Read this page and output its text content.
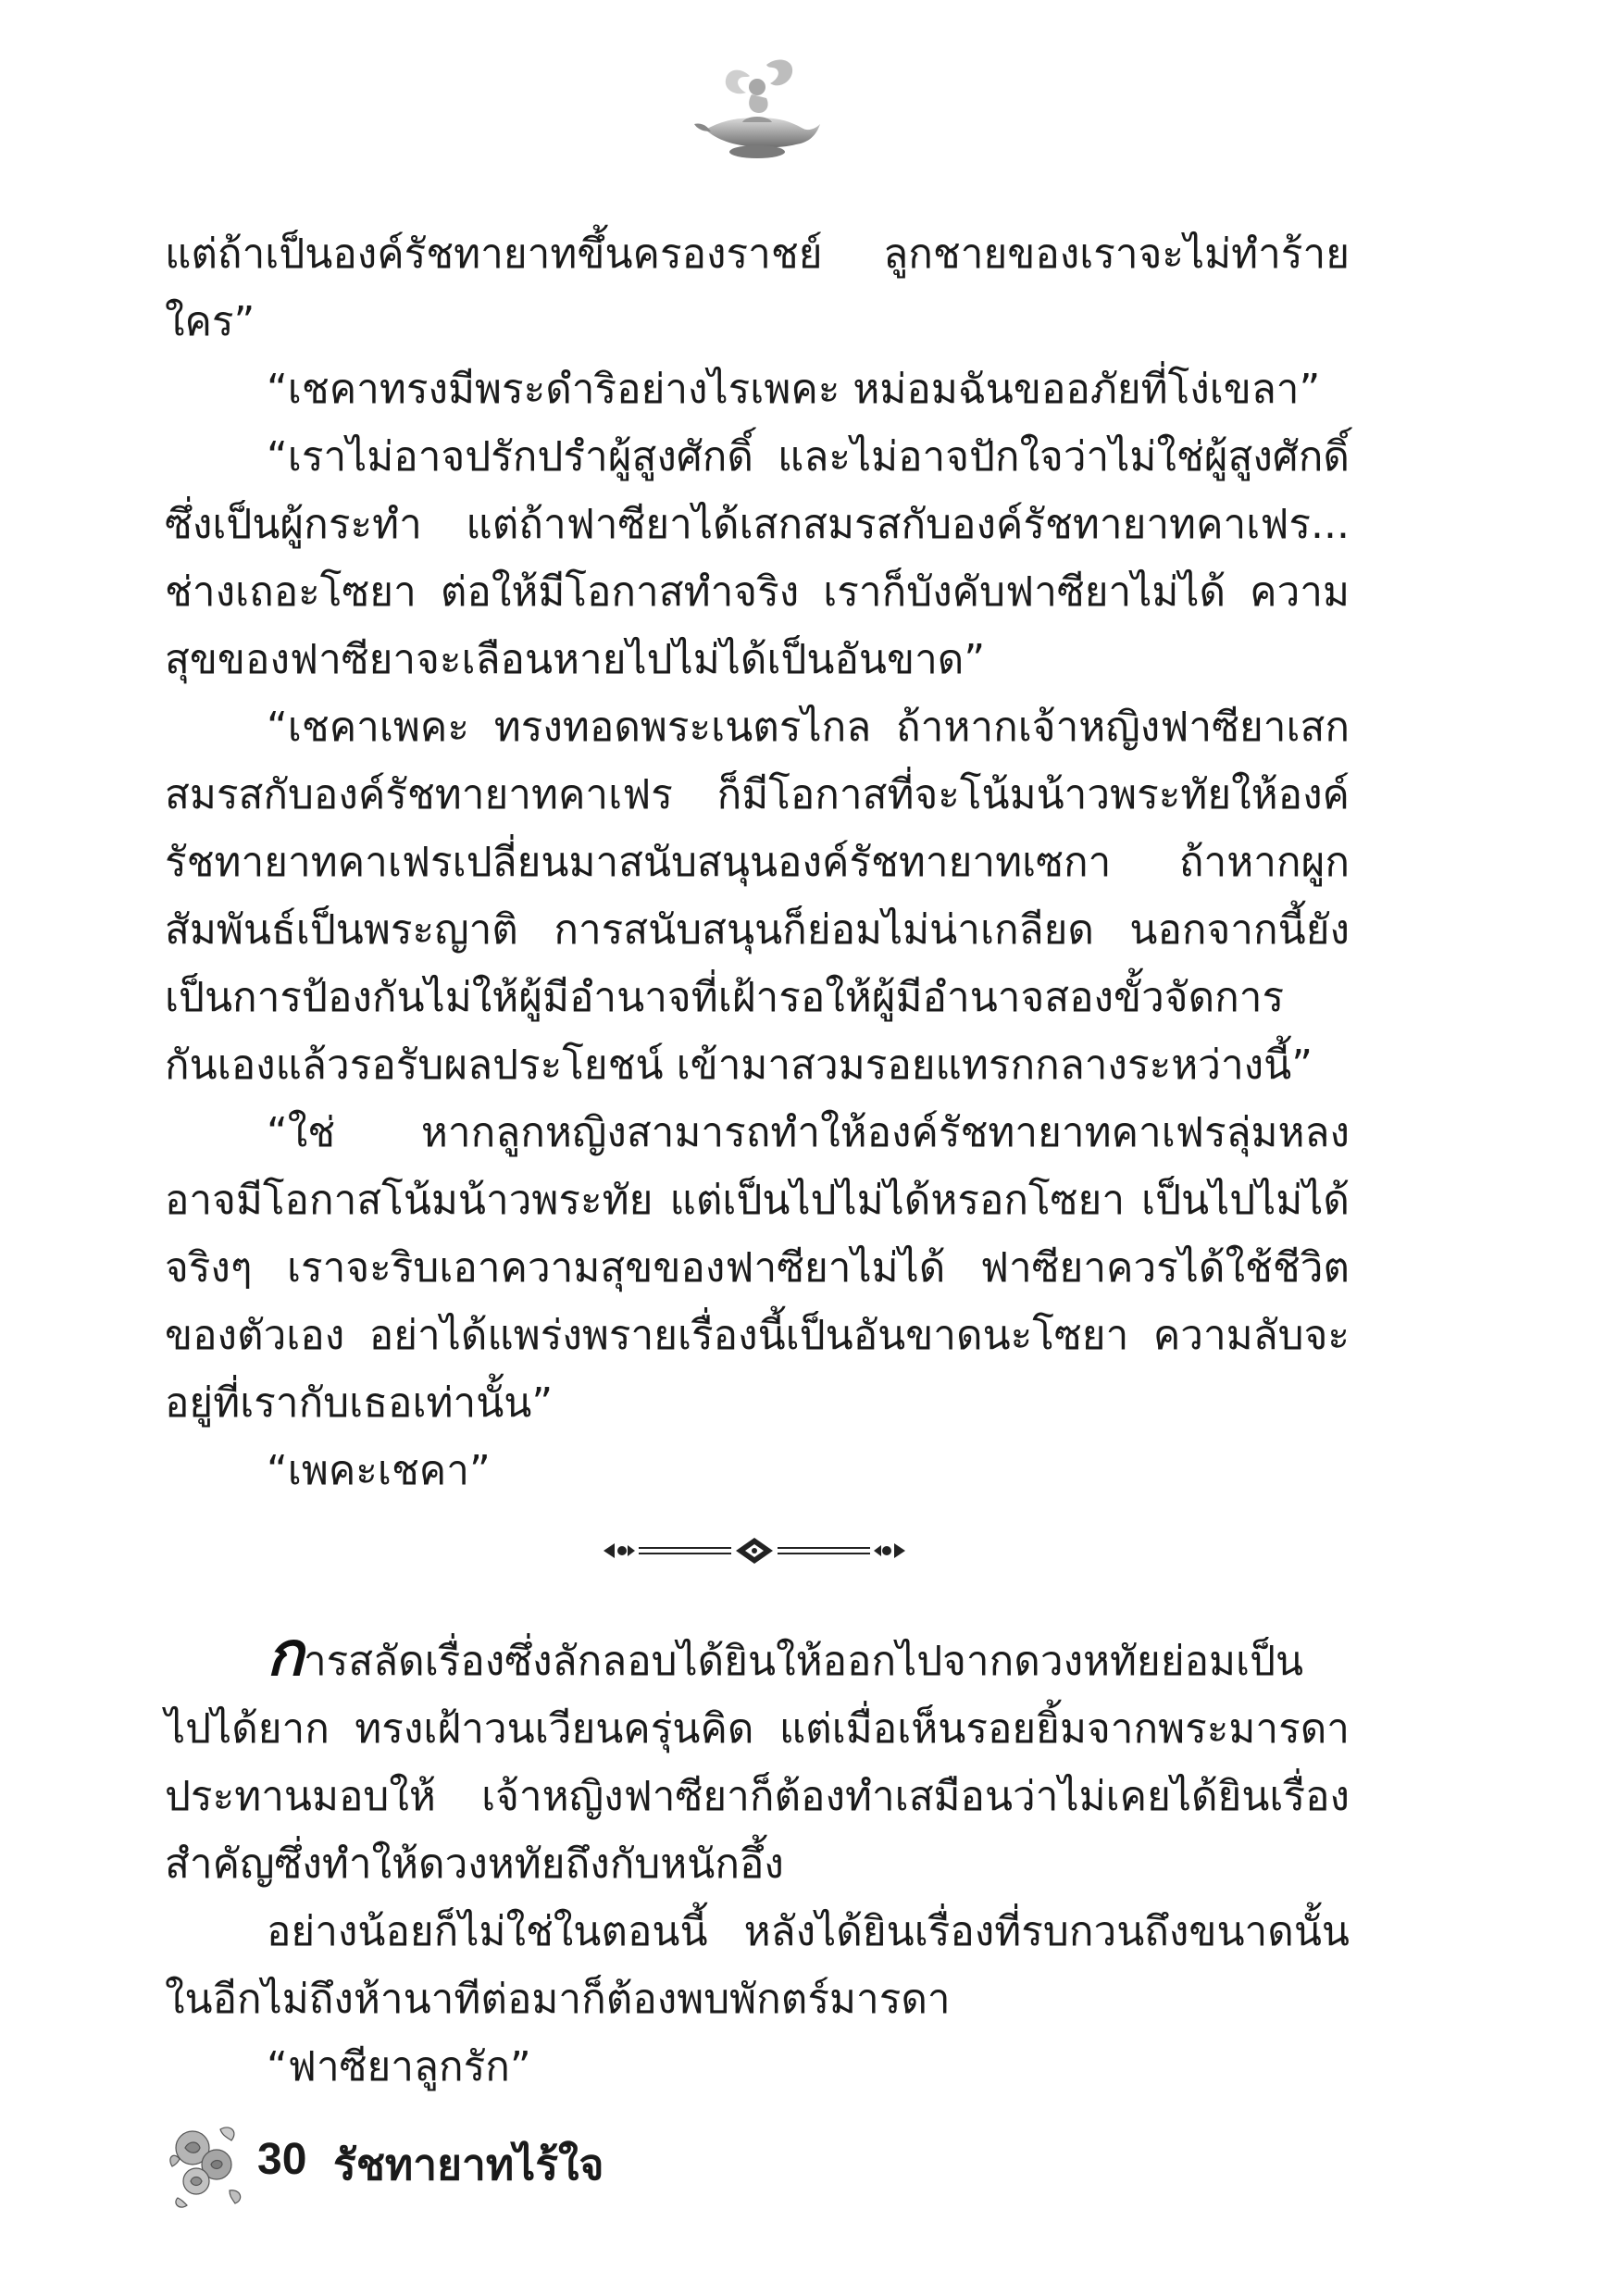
แต่ถ้าเป็นองค์รัชทายาทขึ้นครองราชย์ ลูกชายของเราจะไม่ทำร้ายใคร”

“เชคาทรงมีพระดำริอย่างไรเพคะ หม่อมฉันขออภัยที่โง่เขลา”

“เราไม่อาจปรักปรำผู้สูงศักดิ์ และไม่อาจปักใจว่าไม่ใช่ผู้สูงศักดิ์ซึ่งเป็นผู้กระทำ แต่ถ้าฟาซียาได้เสกสมรสกับองค์รัชทายาทคาเฟร... ช่างเถอะโซยา ต่อให้มีโอกาสทำจริง เราก็บังคับฟาซียาไม่ได้ ความสุขของฟาซียาจะเลือนหายไปไม่ได้เป็นอันขาด”

“เชคาเพคะ ทรงทอดพระเนตรไกล ถ้าหากเจ้าหญิงฟาซียาเสกสมรสกับองค์รัชทายาทคาเฟร ก็มีโอกาสที่จะโน้มน้าวพระทัยให้องค์รัชทายาทคาเฟรเปลี่ยนมาสนับสนุนองค์รัชทายาทเซกา ถ้าหากผูกสัมพันธ์เป็นพระญาติ การสนับสนุนก็ย่อมไม่น่าเกลียด นอกจากนี้ยังเป็นการป้องกันไม่ให้ผู้มีอำนาจที่เฝ้ารอให้ผู้มีอำนาจสองขั้วจัดการกันเองแล้วรอรับผลประโยชน์ เข้ามาสวมรอยแทรกกลางระหว่างนี้”

“ใช่ หากลูกหญิงสามารถทำให้องค์รัชทายาทคาเฟรลุ่มหลง อาจมีโอกาสโน้มน้าวพระทัย แต่เป็นไปไม่ได้หรอกโซยา เป็นไปไม่ได้จริงๆ เราจะริบเอาความสุขของฟาซียาไม่ได้ ฟาซียาควรได้ใช้ชีวิตของตัวเอง อย่าได้แพร่งพรายเรื่องนี้เป็นอันขาดนะโซยา ความลับจะอยู่ที่เรากับเธอเท่านั้น”

“เพคะเชคา”

การสลัดเรื่องซึ่งลักลอบได้ยินให้ออกไปจากดวงหทัยย่อมเป็นไปได้ยาก ทรงเฝ้าวนเวียนครุ่นคิด แต่เมื่อเห็นรอยยิ้มจากพระมารดาประทานมอบให้ เจ้าหญิงฟาซียาก็ต้องทำเสมือนว่าไม่เคยได้ยินเรื่องสำคัญซึ่งทำให้ดวงหทัยถึงกับหนักอึ้ง

อย่างน้อยก็ไม่ใช่ในตอนนี้ หลังได้ยินเรื่องที่รบกวนถึงขนาดนั้นในอีกไม่ถึงห้านาทีต่อมาก็ต้องพบพักตร์มารดา

“ฟาซียาลูกรัก”

30 รัชทายาทไร้ใจ
